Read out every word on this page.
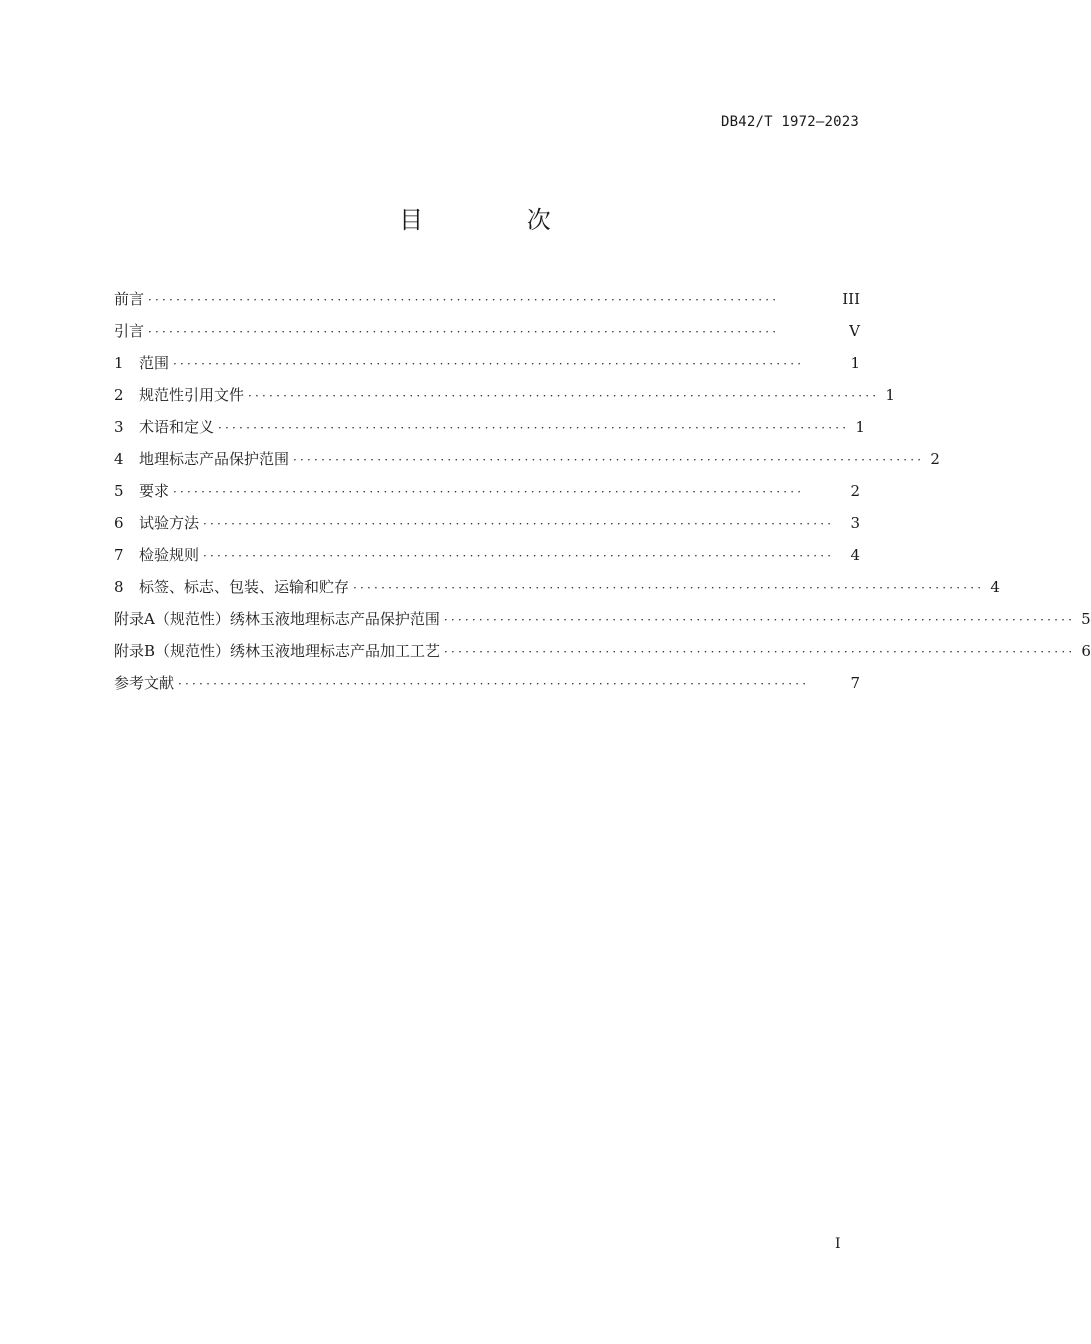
DB42/T 1972—2023
目 次
前言 ··························································································	III
引言 ··························································································	V
1	范围 ··························································································	1
2	规范性引用文件 ·························································································· 1
3	术语和定义 ·························································································· 1
4	地理标志产品保护范围 ·························································································· 2
5	要求 ··························································································	2
6	试验方法 ··························································································	3
7	检验规则 ··························································································	4
8	标签、标志、包装、运输和贮存 ·························································································· 4
附录A（规范性） 绣林玉液地理标志产品保护范围 ·························································································· 5
附录B（规范性） 绣林玉液地理标志产品加工工艺 ·························································································· 6
参考文献 ··························································································	7
I
